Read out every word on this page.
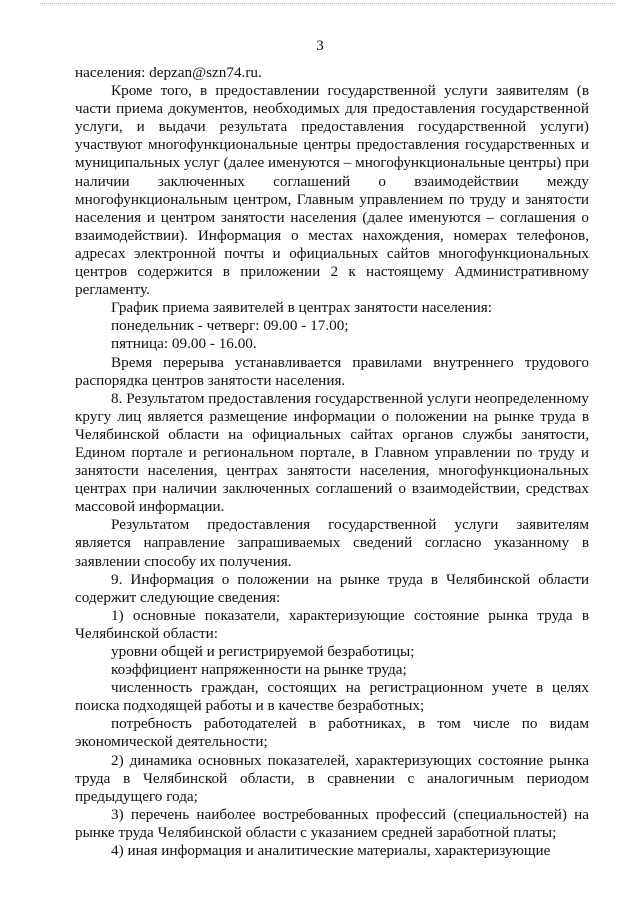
3

населения: depzan@szn74.ru.

Кроме того, в предоставлении государственной услуги заявителям (в части приема документов, необходимых для предоставления государственной услуги, и выдачи результата предоставления государственной услуги) участвуют многофункциональные центры предоставления государственных и муниципальных услуг (далее именуются – многофункциональные центры) при наличии заключенных соглашений о взаимодействии между многофункциональным центром, Главным управлением по труду и занятости населения и центром занятости населения (далее именуются – соглашения о взаимодействии). Информация о местах нахождения, номерах телефонов, адресах электронной почты и официальных сайтов многофункциональных центров содержится в приложении 2 к настоящему Административному регламенту.

График приема заявителей в центрах занятости населения:

понедельник - четверг: 09.00 - 17.00;

пятница: 09.00 - 16.00.

Время перерыва устанавливается правилами внутреннего трудового распорядка центров занятости населения.

8. Результатом предоставления государственной услуги неопределенному кругу лиц является размещение информации о положении на рынке труда в Челябинской области на официальных сайтах органов службы занятости, Едином портале и региональном портале, в Главном управлении по труду и занятости населения, центрах занятости населения, многофункциональных центрах при наличии заключенных соглашений о взаимодействии, средствах массовой информации.

Результатом предоставления государственной услуги заявителям является направление запрашиваемых сведений согласно указанному в заявлении способу их получения.

9. Информация о положении на рынке труда в Челябинской области содержит следующие сведения:

1) основные показатели, характеризующие состояние рынка труда в Челябинской области:

уровни общей и регистрируемой безработицы;

коэффициент напряженности на рынке труда;

численность граждан, состоящих на регистрационном учете в целях поиска подходящей работы и в качестве безработных;

потребность работодателей в работниках, в том числе по видам экономической деятельности;

2) динамика основных показателей, характеризующих состояние рынка труда в Челябинской области, в сравнении с аналогичным периодом предыдущего года;

3) перечень наиболее востребованных профессий (специальностей) на рынке труда Челябинской области с указанием средней заработной платы;

4) иная информация и аналитические материалы, характеризующие
